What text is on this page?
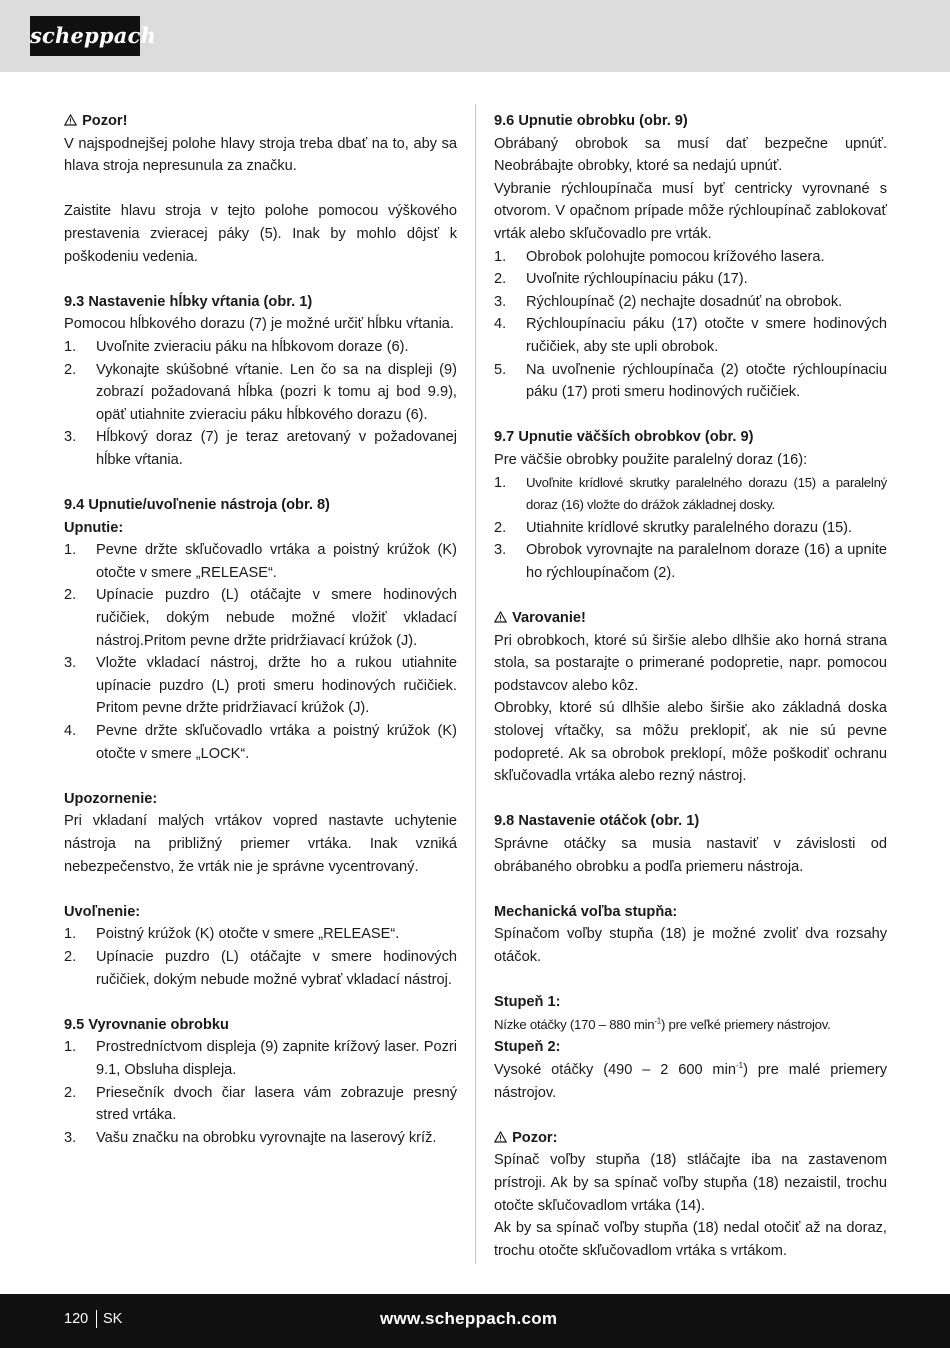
scheppach
Pozor!
V najspodnejšej polohe hlavy stroja treba dbať na to, aby sa hlava stroja nepresunula za značku.
Zaistite hlavu stroja v tejto polohe pomocou výškového prestavenia zvieracej páky (5). Inak by mohlo dôjsť k poškodeniu vedenia.
9.3 Nastavenie hĺbky vŕtania (obr. 1)
Pomocou hĺbkového dorazu (7) je možné určiť hĺbku vŕtania.
1.	Uvoľnite zvieraciu páku na hĺbkovom doraze (6).
2.	Vykonajte skúšobné vŕtanie. Len čo sa na displeji (9) zobrazí požadovaná hĺbka (pozri k tomu aj bod 9.9), opäť utiahnite zvieraciu páku hĺbkového dorazu (6).
3.	Hĺbkový doraz (7) je teraz aretovaný v požadovanej hĺbke vŕtania.
9.4 Upnutie/uvoľnenie nástroja (obr. 8)
Upnutie:
1.	Pevne držte skľučovadlo vrtáka a poistný krúžok (K) otočte v smere „RELEASE“.
2.	Upínacie puzdro (L) otáčajte v smere hodinových ručičiek, dokým nebude možné vložiť vkladací nástroj.Pritom pevne držte pridržiavací krúžok (J).
3.	Vložte vkladací nástroj, držte ho a rukou utiahnite upínacie puzdro (L) proti smeru hodinových ručičiek. Pritom pevne držte pridržiavací krúžok (J).
4.	Pevne držte skľučovadlo vrtáka a poistný krúžok (K) otočte v smere „LOCK“.
Upozornenie:
Pri vkladaní malých vrtákov vopred nastavte uchytenie nástroja na približný priemer vrtáka. Inak vzniká nebezpečenstvo, že vrták nie je správne vycentrovaný.
Uvoľnenie:
1.	Poistný krúžok (K) otočte v smere „RELEASE“.
2.	Upínacie puzdro (L) otáčajte v smere hodinových ručičiek, dokým nebude možné vybrať vkladací nástroj.
9.5 Vyrovnanie obrobku
1.	Prostredníctvom displeja (9) zapnite krížový laser. Pozri 9.1, Obsluha displeja.
2.	Priesečník dvoch čiar lasera vám zobrazuje presný stred vrtáka.
3.	Vašu značku na obrobku vyrovnajte na laserový kríž.
9.6 Upnutie obrobku (obr. 9)
Obrábaný obrobok sa musí dať bezpečne upnúť. Neobrábajte obrobky, ktoré sa nedajú upnúť.
Vybranie rýchloupínača musí byť centricky vyrovnané s otvorom. V opačnom prípade môže rýchloupínač zablokovať vrták alebo skľučovadlo pre vrták.
1.	Obrobok polohujte pomocou krížového lasera.
2.	Uvoľnite rýchloupínaciu páku (17).
3.	Rýchloupínač (2) nechajte dosadnúť na obrobok.
4.	Rýchloupínaciu páku (17) otočte v smere hodinových ručičiek, aby ste upli obrobok.
5.	Na uvoľnenie rýchloupínača (2) otočte rýchloupínaciu páku (17) proti smeru hodinových ručičiek.
9.7 Upnutie väčších obrobkov (obr. 9)
Pre väčšie obrobky použite paralelný doraz (16):
1.	Uvoľnite krídlové skrutky paralelného dorazu (15) a paralelný doraz (16) vložte do drážok základnej dosky.
2.	Utiahnite krídlové skrutky paralelného dorazu (15).
3.	Obrobok vyrovnajte na paralelnom doraze (16) a upnite ho rýchloupínačom (2).
Varovanie!
Pri obrobkoch, ktoré sú širšie alebo dlhšie ako horná strana stola, sa postarajte o primerané podopretie, napr. pomocou podstavcov alebo kôz.
Obrobky, ktoré sú dlhšie alebo širšie ako základná doska stolovej vŕtačky, sa môžu preklopiť, ak nie sú pevne podopreté. Ak sa obrobok preklopí, môže poškodiť ochranu skľučovadla vrtáka alebo rezný nástroj.
9.8 Nastavenie otáčok (obr. 1)
Správne otáčky sa musia nastaviť v závislosti od obrábaného obrobku a podľa priemeru nástroja.
Mechanická voľba stupňa:
Spínačom voľby stupňa (18) je možné zvoliť dva rozsahy otáčok.
Stupeň 1:
Nízke otáčky (170 – 880 $\min^{-1}$) pre veľké priemery nástrojov.
Stupeň 2:
Vysoké otáčky (490 – 2 600 $\min^{-1}$) pre malé priemery nástrojov.
Pozor:
Spínač voľby stupňa (18) stláčajte iba na zastavenom prístroji. Ak by sa spínač voľby stupňa (18) nezaistil, trochu otočte skľučovadlom vrtáka (14).
Ak by sa spínač voľby stupňa (18) nedal otočiť až na doraz, trochu otočte skľučovadlom vrtáka s vrtákom.
120 SK	www.scheppach.com
